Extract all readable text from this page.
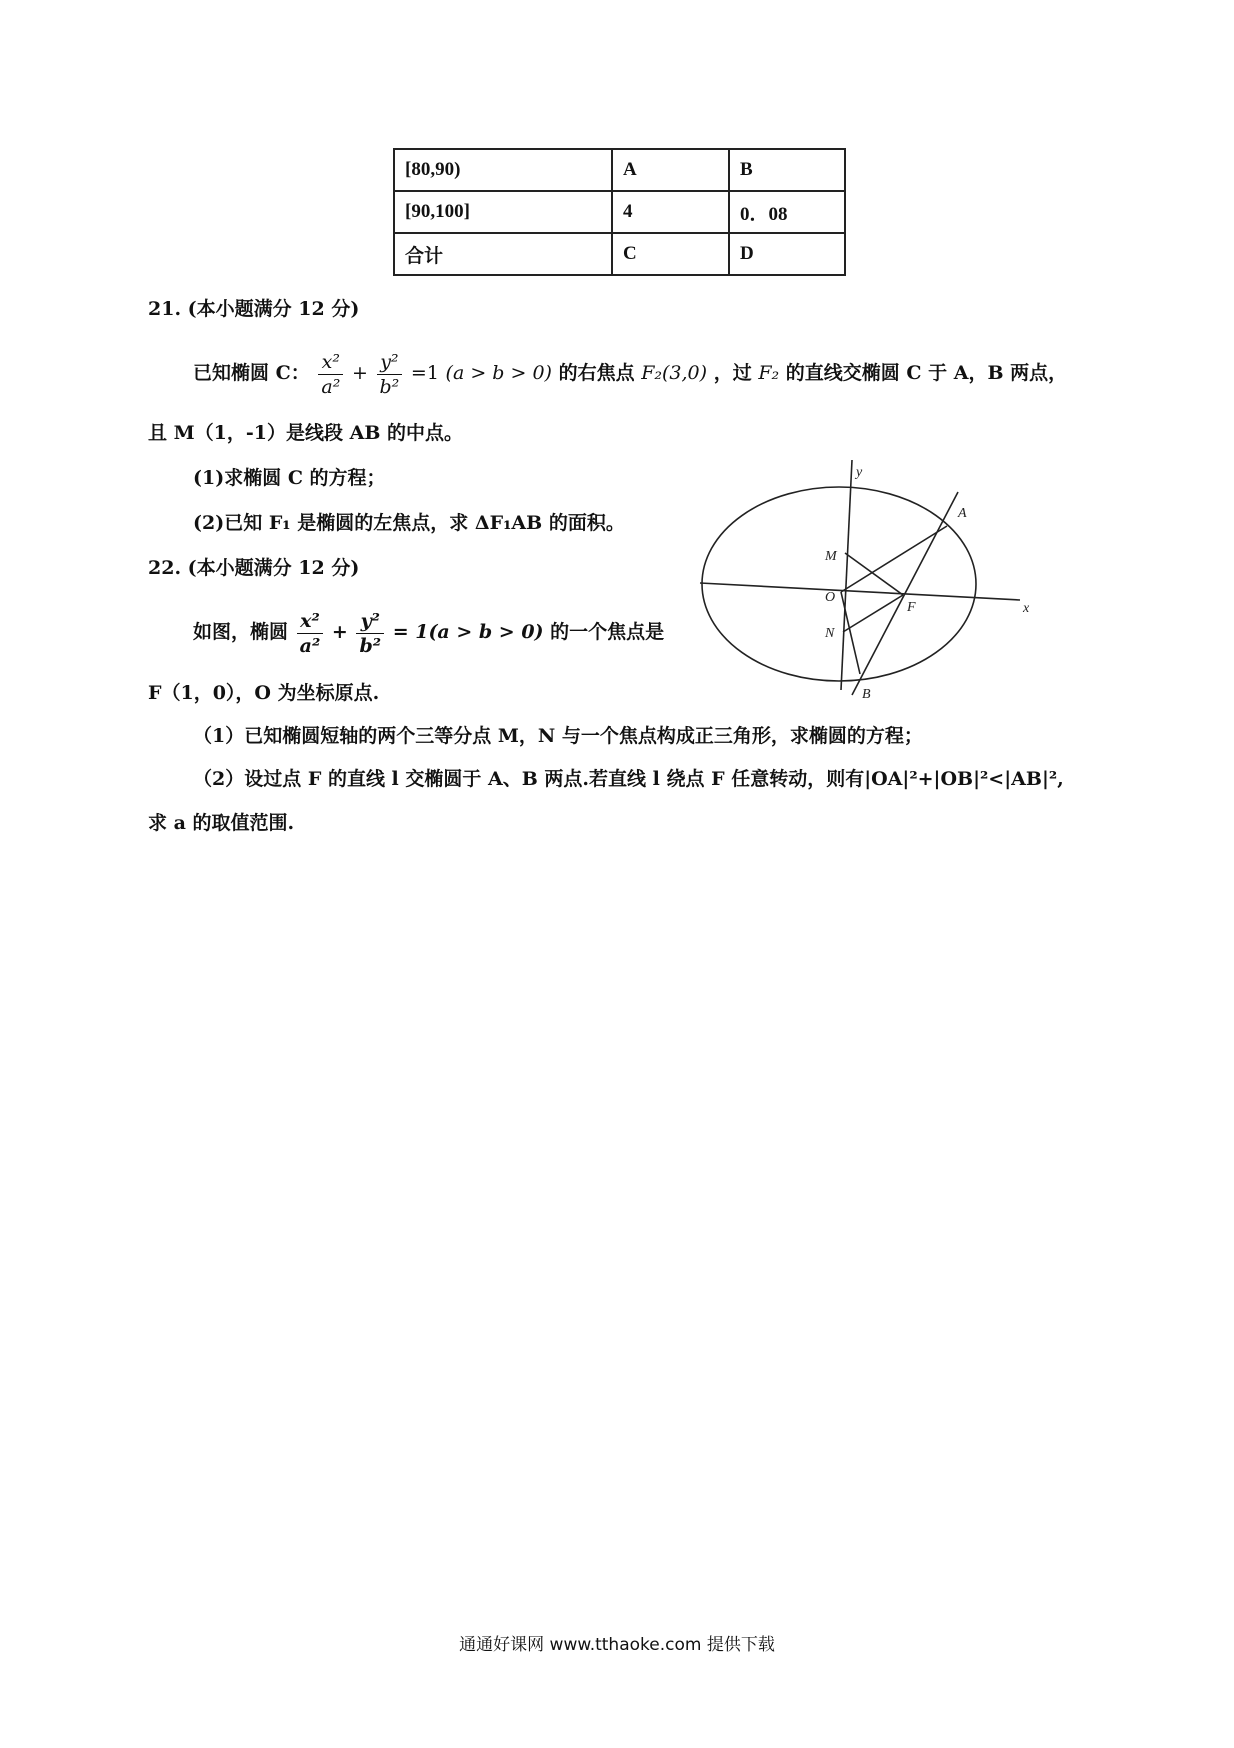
[80,90)	A	B
[90,100]	4	0．08
合计	C	D
21. (本小题满分 12 分)
已知椭圆 C： $\frac{\text{x²}}{\text{a²}} + \frac{\text{y²}}{\text{b²}} =1$ (a > b > 0) 的右焦点 F₂(3,0) ，过 F₂ 的直线交椭圆 C 于 A，B 两点，
且 M（1，-1）是线段 AB 的中点。
(1)求椭圆 C 的方程；
(2)已知 F₁ 是椭圆的左焦点，求 ΔF₁AB 的面积。
22. (本小题满分 12 分)
如图，椭圆 $\frac{\text{x²}}{\text{a²}} + \frac{\text{y²}}{\text{b²}} = 1(a > b > 0)$ 的一个焦点是
F（1，0），O 为坐标原点.
（1）已知椭圆短轴的两个三等分点 M，N 与一个焦点构成正三角形，求椭圆的方程；
（2）设过点 F 的直线 l 交椭圆于 A、B 两点.若直线 l 绕点 F 任意转动，则有|OA|²+|OB|²<|AB|²,
求 a 的取值范围.
y
x
A
M
O
F
N
B
通通好课网 www.tthaoke.com 提供下载
